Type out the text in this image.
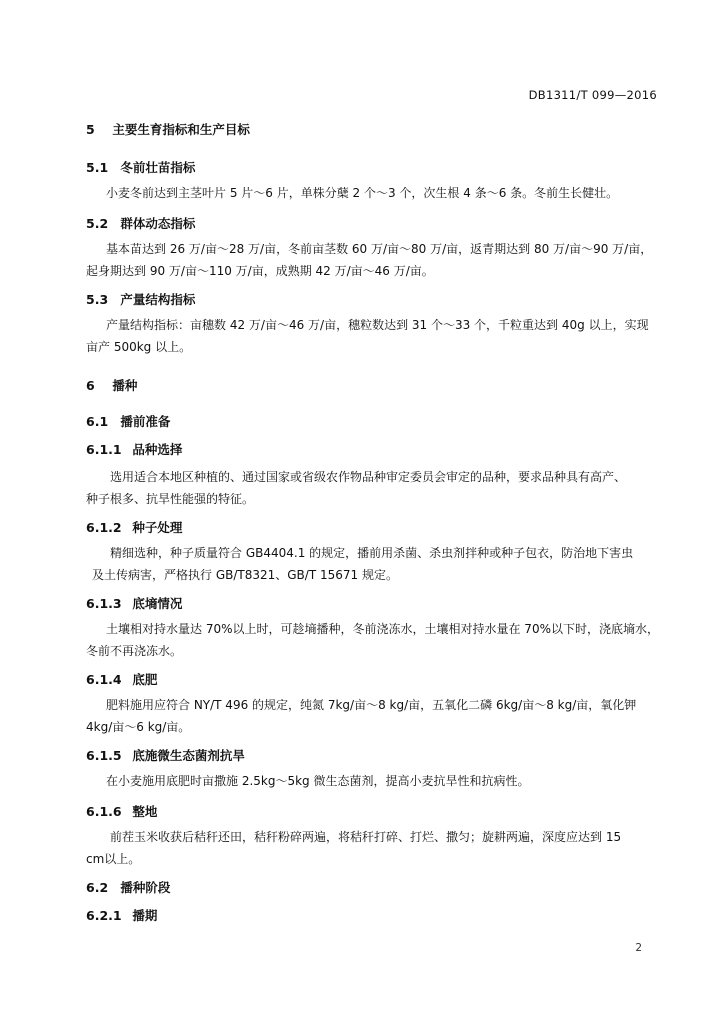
DB1311/T 099—2016
5 主要生育指标和生产目标
5.1 冬前壮苗指标
小麦冬前达到主茎叶片 5 片～6 片，单株分蘖 2 个～3 个，次生根 4 条～6 条。冬前生长健壮。
5.2 群体动态指标
基本苗达到 26 万/亩～28 万/亩，冬前亩茎数 60 万/亩～80 万/亩，返青期达到 80 万/亩～90 万/亩，
起身期达到 90 万/亩～110 万/亩，成熟期 42 万/亩～46 万/亩。
5.3 产量结构指标
产量结构指标：亩穗数 42 万/亩～46 万/亩，穗粒数达到 31 个～33 个，千粒重达到 40g 以上，实现
亩产 500kg 以上。
6 播种
6.1 播前准备
6.1.1 品种选择
选用适合本地区种植的、通过国家或省级农作物品种审定委员会审定的品种，要求品种具有高产、
种子根多、抗旱性能强的特征。
6.1.2 种子处理
精细选种，种子质量符合 GB4404.1 的规定，播前用杀菌、杀虫剂拌种或种子包衣，防治地下害虫
及土传病害，严格执行 GB/T8321、GB/T 15671 规定。
6.1.3 底墒情况
土壤相对持水量达 70%以上时，可趁墒播种，冬前浇冻水，土壤相对持水量在 70%以下时，浇底墒水，
冬前不再浇冻水。
6.1.4 底肥
肥料施用应符合 NY/T 496 的规定，纯氮 7kg/亩～8 kg/亩，五氧化二磷 6kg/亩～8 kg/亩，氧化钾
4kg/亩～6 kg/亩。
6.1.5 底施微生态菌剂抗旱
在小麦施用底肥时亩撒施 2.5kg～5kg 微生态菌剂，提高小麦抗旱性和抗病性。
6.1.6 整地
前茬玉米收获后秸秆还田，秸秆粉碎两遍，将秸秆打碎、打烂、撒匀；旋耕两遍，深度应达到 15
cm以上。
6.2 播种阶段
6.2.1 播期
2
